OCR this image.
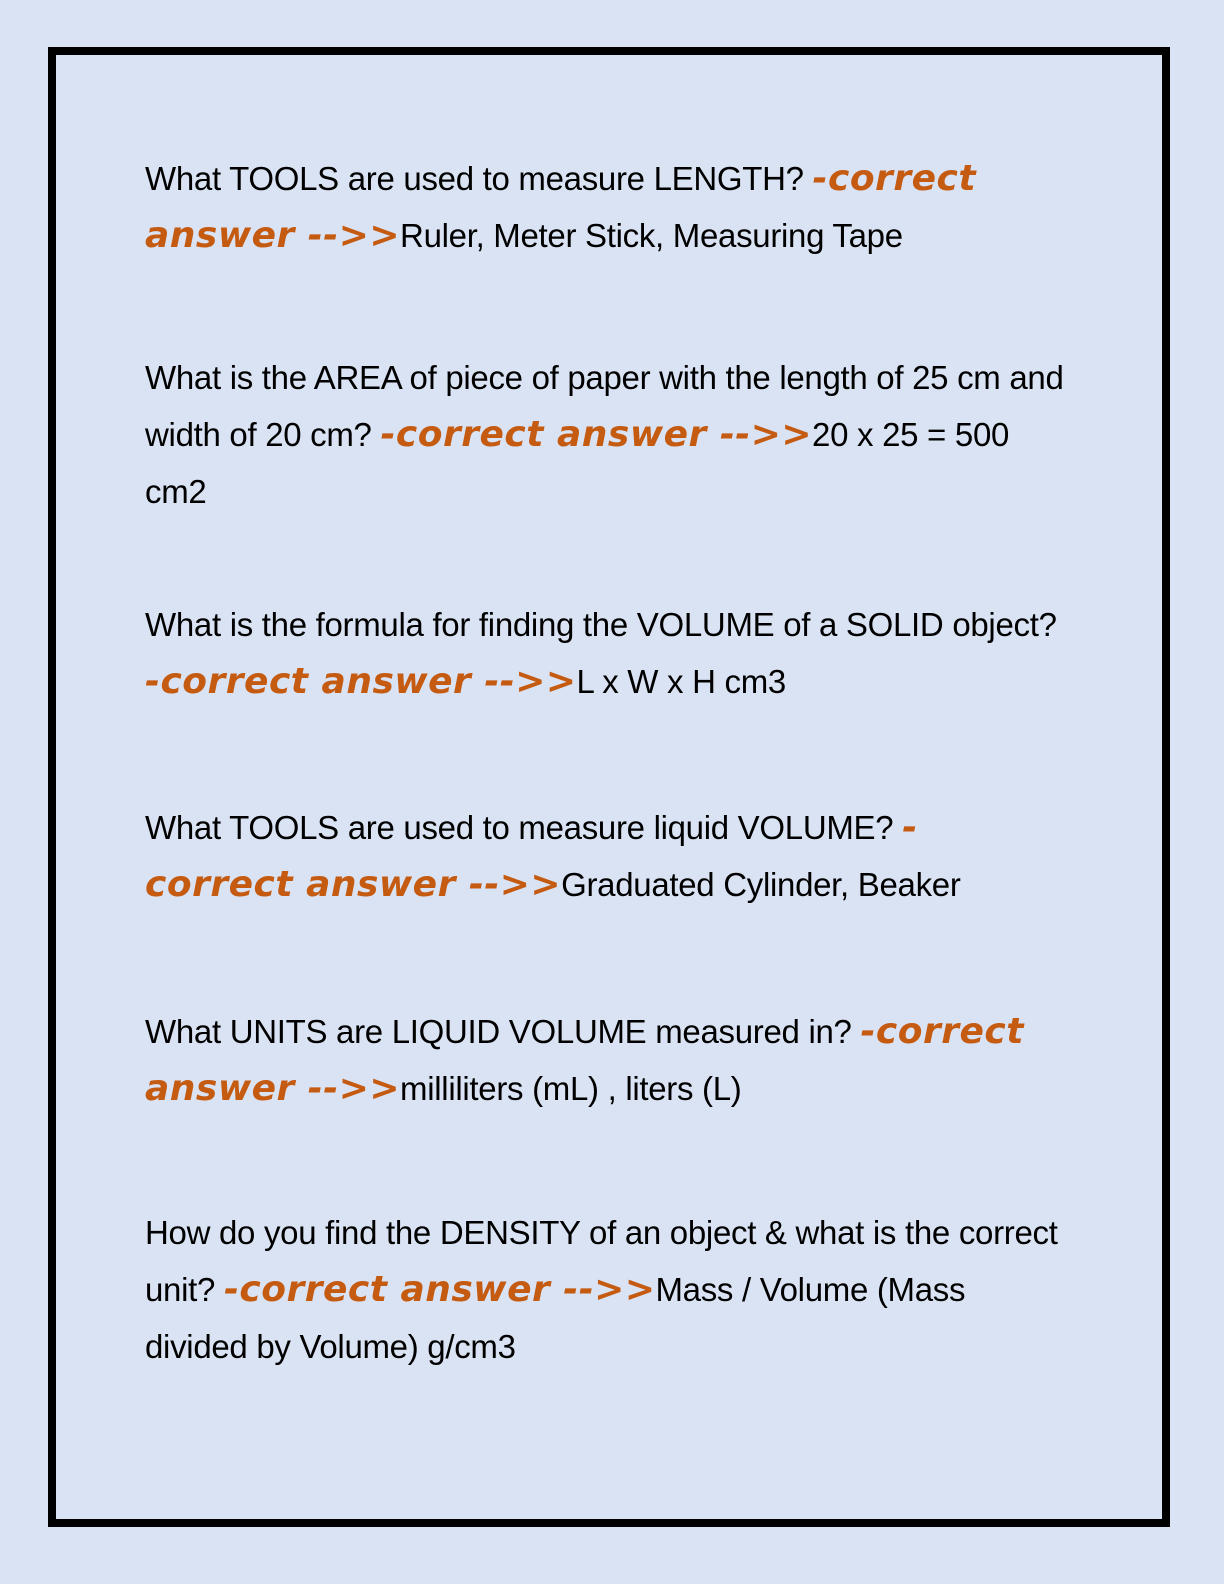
What TOOLS are used to measure LENGTH? -correct answer -->>Ruler, Meter Stick, Measuring Tape

What is the AREA of piece of paper with the length of 25 cm and width of 20 cm? -correct answer -->>20 x 25 = 500 cm2

What is the formula for finding the VOLUME of a SOLID object? -correct answer -->>L x W x H cm3

What TOOLS are used to measure liquid VOLUME? -correct answer -->>Graduated Cylinder, Beaker

What UNITS are LIQUID VOLUME measured in? -correct answer -->>milliliters (mL) , liters (L)

How do you find the DENSITY of an object & what is the correct unit? -correct answer -->>Mass / Volume (Mass divided by Volume) g/cm3
